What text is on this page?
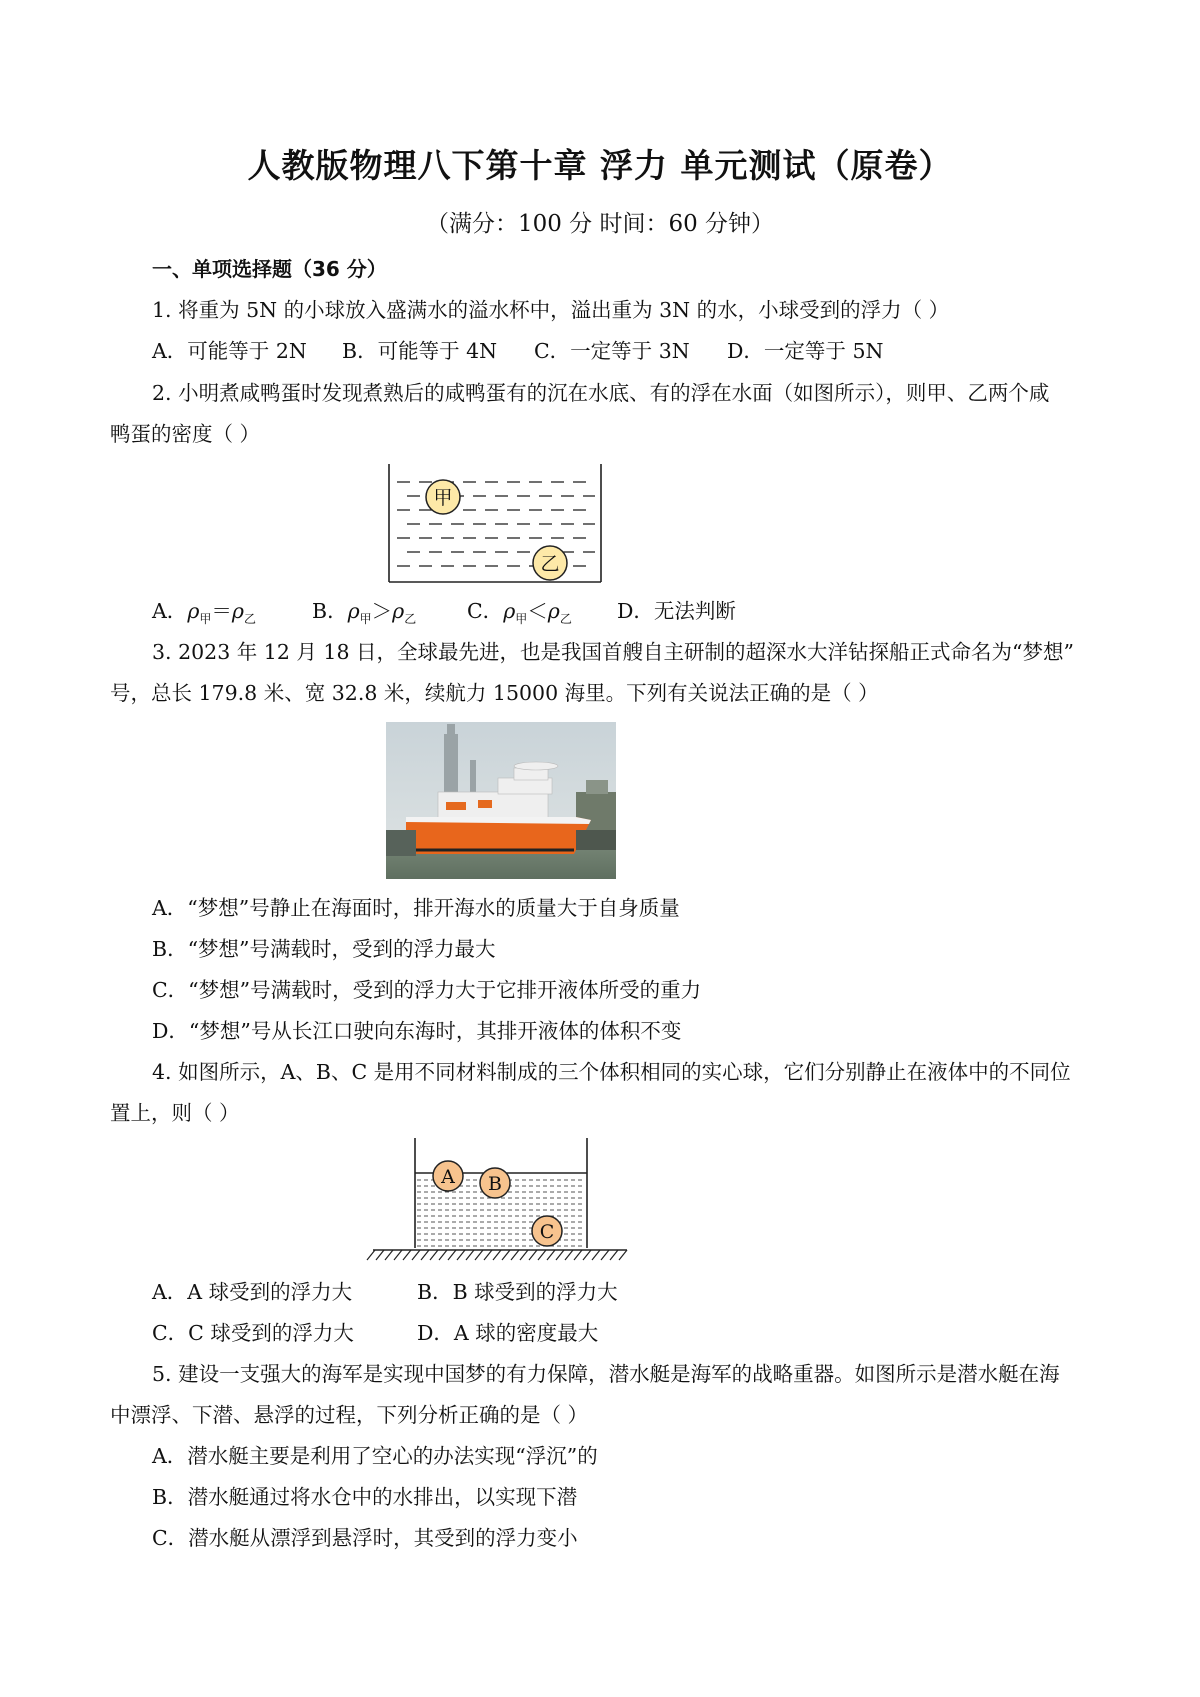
人教版物理八下第十章 浮力 单元测试（原卷）
（满分：100 分 时间：60 分钟）
一、单项选择题（36 分）
1. 将重为 5N 的小球放入盛满水的溢水杯中，溢出重为 3N 的水，小球受到的浮力（ ）
A．可能等于 2N B．可能等于 4N C．一定等于 3N D．一定等于 5N
2. 小明煮咸鸭蛋时发现煮熟后的咸鸭蛋有的沉在水底、有的浮在水面（如图所示），则甲、乙两个咸
鸭蛋的密度（ ）
甲
乙
A．$\rho_甲=\rho_乙$	B．$\rho_甲>\rho_乙$ C．$\rho_甲<\rho_乙$ D．无法判断
3. 2023 年 12 月 18 日，全球最先进，也是我国首艘自主研制的超深水大洋钻探船正式命名为“梦想”
号，总长 179.8 米、宽 32.8 米，续航力 15000 海里。下列有关说法正确的是（ ）
A．“梦想”号静止在海面时，排开海水的质量大于自身质量
B．“梦想”号满载时，受到的浮力最大
C．“梦想”号满载时，受到的浮力大于它排开液体所受的重力
D．“梦想”号从长江口驶向东海时，其排开液体的体积不变
4. 如图所示，A、B、C 是用不同材料制成的三个体积相同的实心球，它们分别静止在液体中的不同位
置上，则（ ）
A B
C
A．A 球受到的浮力大	B．B 球受到的浮力大
C．C 球受到的浮力大	D．A 球的密度最大
5. 建设一支强大的海军是实现中国梦的有力保障，潜水艇是海军的战略重器。如图所示是潜水艇在海
中漂浮、下潜、悬浮的过程，下列分析正确的是（ ）
A．潜水艇主要是利用了空心的办法实现“浮沉”的
B．潜水艇通过将水仓中的水排出，以实现下潜
C．潜水艇从漂浮到悬浮时，其受到的浮力变小
